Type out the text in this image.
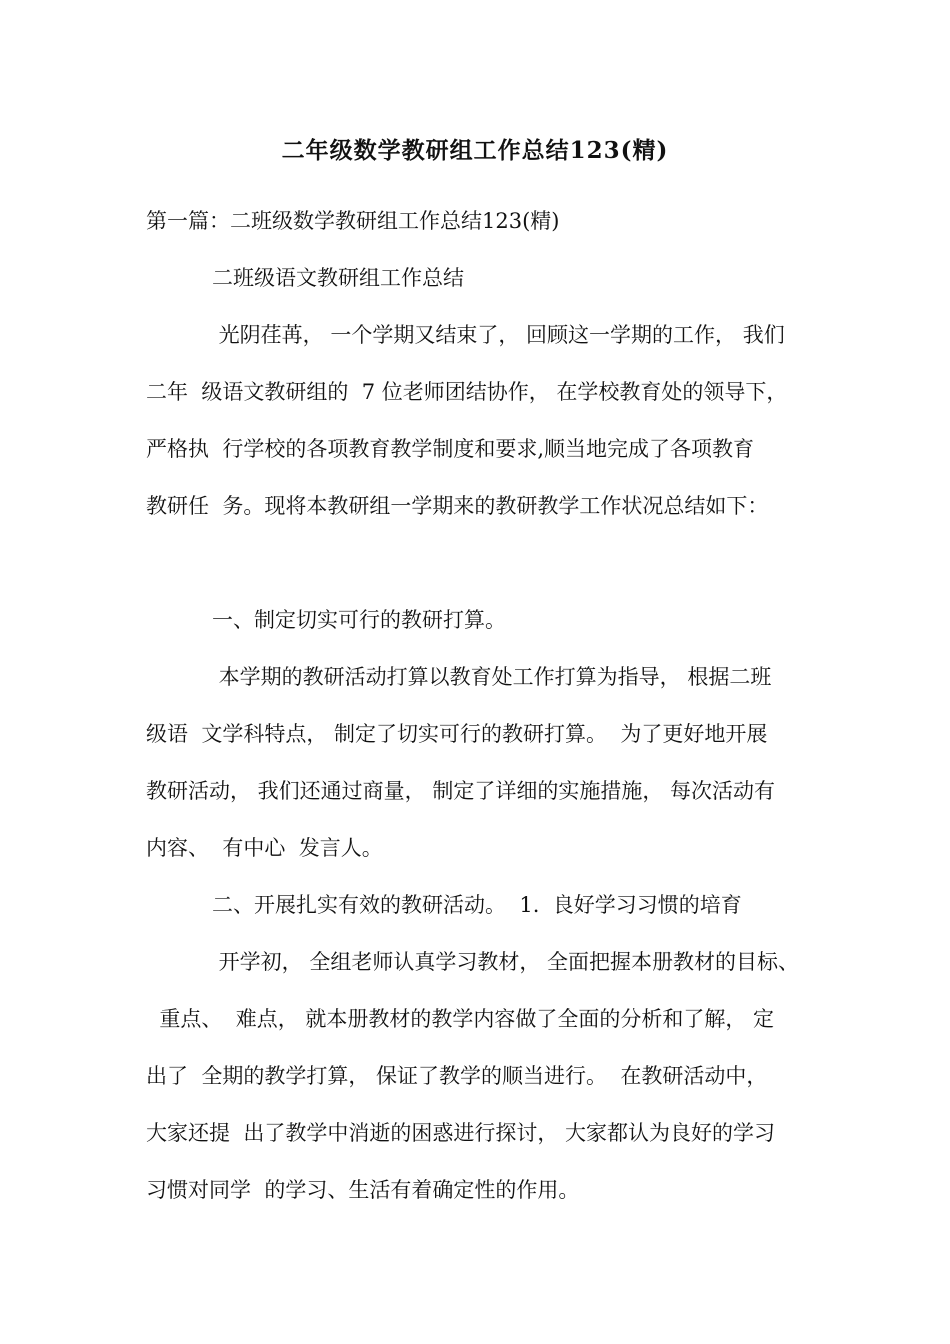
二年级数学教研组工作总结123(精)
第一篇：二班级数学教研组工作总结123(精)
二班级语文教研组工作总结
光阴荏苒， 一个学期又结束了， 回顾这一学期的工作， 我们
二年  级语文教研组的  7 位老师团结协作， 在学校教育处的领导下，
严格执  行学校的各项教育教学制度和要求,顺当地完成了各项教育
教研任  务。现将本教研组一学期来的教研教学工作状况总结如下：
一、制定切实可行的教研打算。
本学期的教研活动打算以教育处工作打算为指导， 根据二班
级语  文学科特点， 制定了切实可行的教研打算。  为了更好地开展
教研活动， 我们还通过商量， 制定了详细的实施措施， 每次活动有
内容、  有中心  发言人。
二、开展扎实有效的教研活动。  1.  良好学习习惯的培育
开学初， 全组老师认真学习教材， 全面把握本册教材的目标、
重点、  难点， 就本册教材的教学内容做了全面的分析和了解， 定
出了  全期的教学打算， 保证了教学的顺当进行。  在教研活动中，
大家还提  出了教学中消逝的困惑进行探讨， 大家都认为良好的学习
习惯对同学  的学习、生活有着确定性的作用。
